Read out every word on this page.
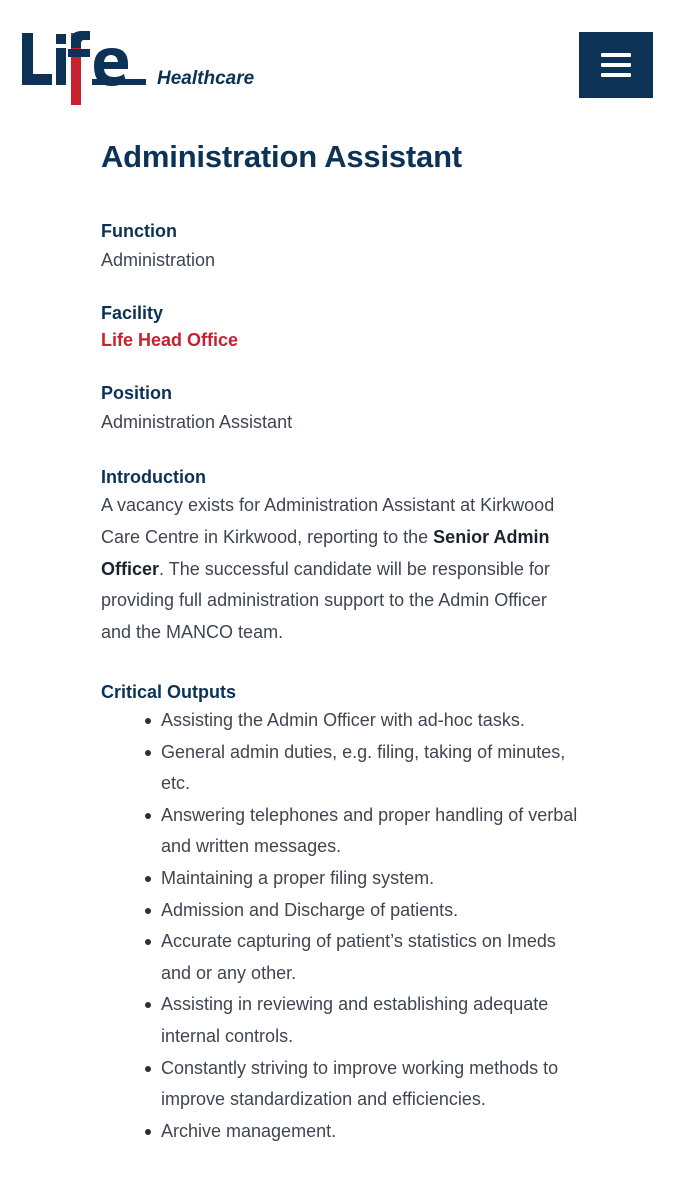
Healthcare
Administration Assistant
Function
Administration
Facility
Life Head Office
Position
Administration Assistant
Introduction
A vacancy exists for Administration Assistant at Kirkwood Care Centre in Kirkwood, reporting to the Senior Admin Officer. The successful candidate will be responsible for providing full administration support to the Admin Officer and the MANCO team.
Critical Outputs
Assisting the Admin Officer with ad-hoc tasks.
General admin duties, e.g. filing, taking of minutes, etc.
Answering telephones and proper handling of verbal and written messages.
Maintaining a proper filing system.
Admission and Discharge of patients.
Accurate capturing of patient’s statistics on Imeds and or any other.
Assisting in reviewing and establishing adequate internal controls.
Constantly striving to improve working methods to improve standardization and efficiencies.
Archive management.
